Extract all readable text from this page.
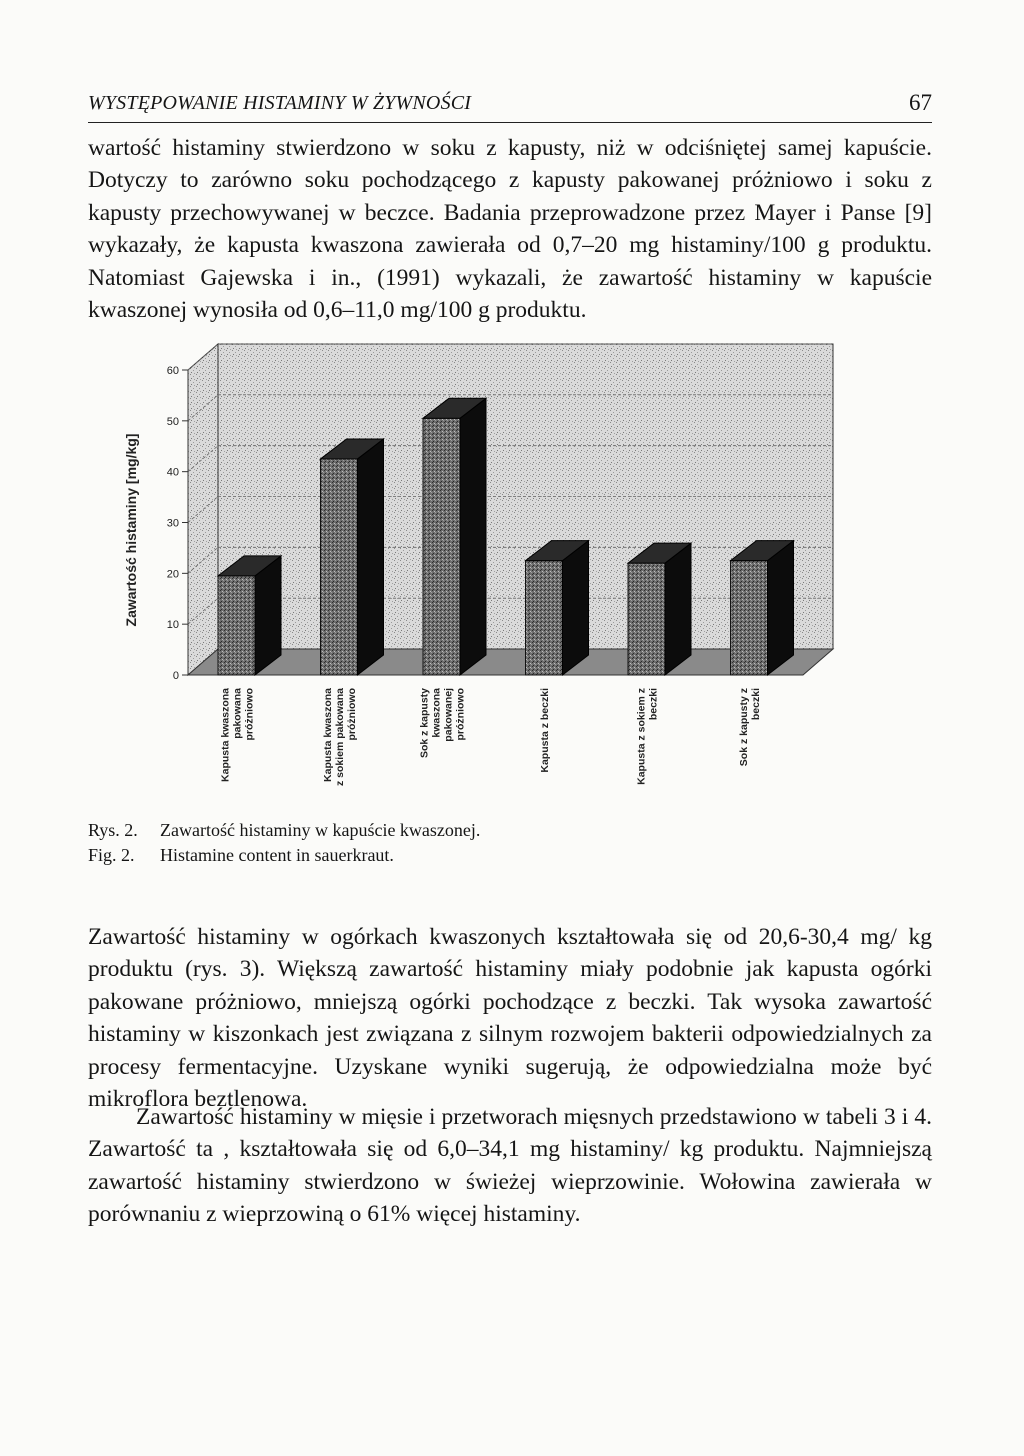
WYSTĘPOWANIE HISTAMINY W ŻYWNOŚCI	67

wartość histaminy stwierdzono w soku z kapusty, niż w odciśniętej samej kapuście. Dotyczy to zarówno soku pochodzącego z kapusty pakowanej próżniowo i soku z kapusty przechowywanej w beczce. Badania przeprowadzone przez Mayer i Panse [9] wykazały, że kapusta kwaszona zawierała od 0,7–20 mg histaminy/100 g produktu. Natomiast Gajewska i in., (1991) wykazali, że zawartość histaminy w kapuście kwaszonej wynosiła od 0,6–11,0 mg/100 g produktu.

0
10
20
30
40
50
60
Kapusta kwaszona pakowana próżniowo	Kapusta kwaszona z sokiem pakowana próżniowo	Sok z kapusty kwaszona pakowanej próżniowo	Kapusta z beczki	Kapusta z sokiem z beczki	Sok z kapusty z beczki
Zawartość histaminy [mg/kg]
Rys. 2. Zawartość histaminy w kapuście kwaszonej.
Fig. 2. Histamine content in sauerkraut.

Zawartość histaminy w ogórkach kwaszonych kształtowała się od 20,6-30,4 mg/ kg produktu (rys. 3). Większą zawartość histaminy miały podobnie jak kapusta ogórki pakowane próżniowo, mniejszą ogórki pochodzące z beczki. Tak wysoka zawartość histaminy w kiszonkach jest związana z silnym rozwojem bakterii odpowiedzialnych za procesy fermentacyjne. Uzyskane wyniki sugerują, że odpowiedzialna może być mikroflora beztlenowa.

Zawartość histaminy w mięsie i przetworach mięsnych przedstawiono w tabeli 3 i 4. Zawartość ta , kształtowała się od 6,0–34,1 mg histaminy/ kg produktu. Najmniejszą zawartość histaminy stwierdzono w świeżej wieprzowinie. Wołowina zawierała w porównaniu z wieprzowiną o 61% więcej histaminy.
